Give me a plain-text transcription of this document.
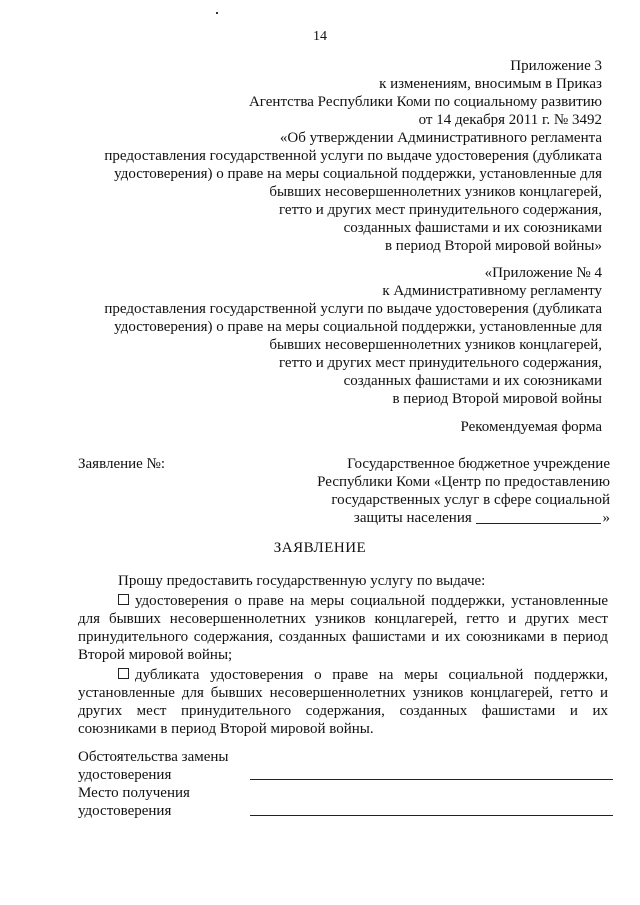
14
Приложение 3
к изменениям, вносимым в Приказ
Агентства Республики Коми по социальному развитию
от 14 декабря 2011 г. № 3492
«Об утверждении Административного регламента
предоставления государственной услуги по выдаче удостоверения (дубликата
удостоверения) о праве на меры социальной поддержки, установленные для
бывших несовершеннолетних узников концлагерей,
гетто и других мест принудительного содержания,
созданных фашистами и их союзниками
в период Второй мировой войны»
«Приложение № 4
к Административному регламенту
предоставления государственной услуги по выдаче удостоверения (дубликата
удостоверения) о праве на меры социальной поддержки, установленные для
бывших несовершеннолетних узников концлагерей,
гетто и других мест принудительного содержания,
созданных фашистами и их союзниками
в период Второй мировой войны
Рекомендуемая форма
Заявление №:	Государственное бюджетное учреждение
Республики Коми «Центр по предоставлению
государственных услуг в сфере социальной
защиты населения	»
ЗАЯВЛЕНИЕ

Прошу предоставить государственную услугу по выдаче:

удостоверения о праве на меры социальной поддержки, установленные для бывших несовершеннолетних узников концлагерей, гетто и других мест принудительного содержания, созданных фашистами и их союзниками в период Второй мировой войны;

дубликата удостоверения о праве на меры социальной поддержки, установленные для бывших несовершеннолетних узников концлагерей, гетто и других мест принудительного содержания, созданных фашистами и их союзниками в период Второй мировой войны.

Обстоятельства замены
удостоверения
Место получения
удостоверения
